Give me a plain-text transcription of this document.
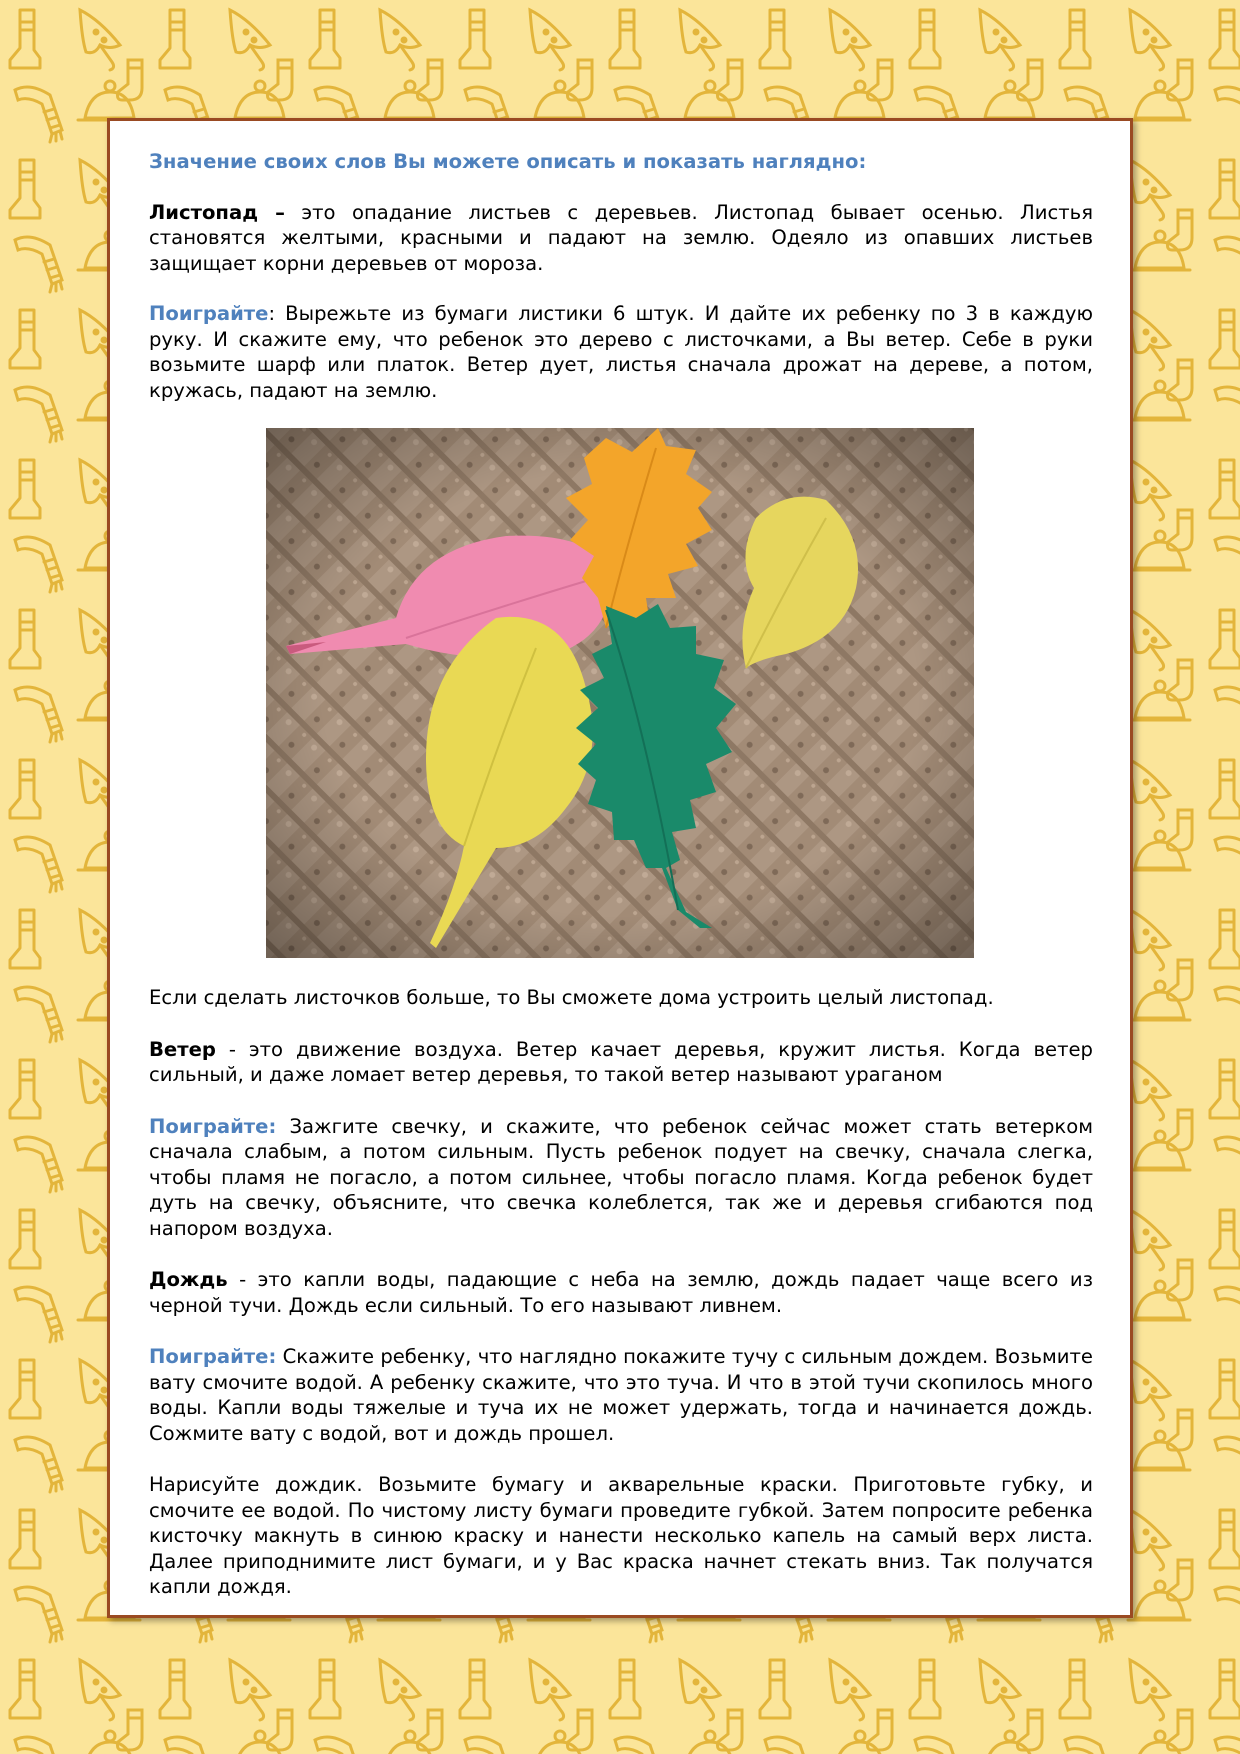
Значение своих слов Вы можете описать и показать наглядно:

Листопад – это опадание листьев с деревьев. Листопад бывает осенью. Листья становятся желтыми, красными и падают на землю. Одеяло из опавших листьев защищает корни деревьев от мороза.

Поиграйте: Вырежьте из бумаги листики 6 штук. И дайте их ребенку по 3 в каждую руку. И скажите ему, что ребенок это дерево с листочками, а Вы ветер. Себе в руки возьмите шарф или платок. Ветер дует, листья сначала дрожат на дереве, а потом, кружась, падают на землю.

Если сделать листочков больше, то Вы сможете дома устроить целый листопад.

Ветер - это движение воздуха. Ветер качает деревья, кружит листья. Когда ветер сильный, и даже ломает ветер деревья, то такой ветер называют ураганом

Поиграйте: Зажгите свечку, и скажите, что ребенок сейчас может стать ветерком сначала слабым, а потом сильным. Пусть ребенок подует на свечку, сначала слегка, чтобы пламя не погасло, а потом сильнее, чтобы погасло пламя. Когда ребенок будет дуть на свечку, объясните, что свечка колеблется, так же и деревья сгибаются под напором воздуха.

Дождь - это капли воды, падающие с неба на землю, дождь падает чаще всего из черной тучи. Дождь если сильный. То его называют ливнем.

Поиграйте: Скажите ребенку, что наглядно покажите тучу с сильным дождем. Возьмите вату смочите водой. А ребенку скажите, что это туча. И что в этой тучи скопилось много воды. Капли воды тяжелые и туча их не может удержать, тогда и начинается дождь. Сожмите вату с водой, вот и дождь прошел.

Нарисуйте дождик. Возьмите бумагу и акварельные краски. Приготовьте губку, и смочите ее водой. По чистому листу бумаги проведите губкой. Затем попросите ребенка кисточку макнуть в синюю краску и нанести несколько капель на самый верх листа. Далее приподнимите лист бумаги, и у Вас краска начнет стекать вниз. Так получатся капли дождя.
